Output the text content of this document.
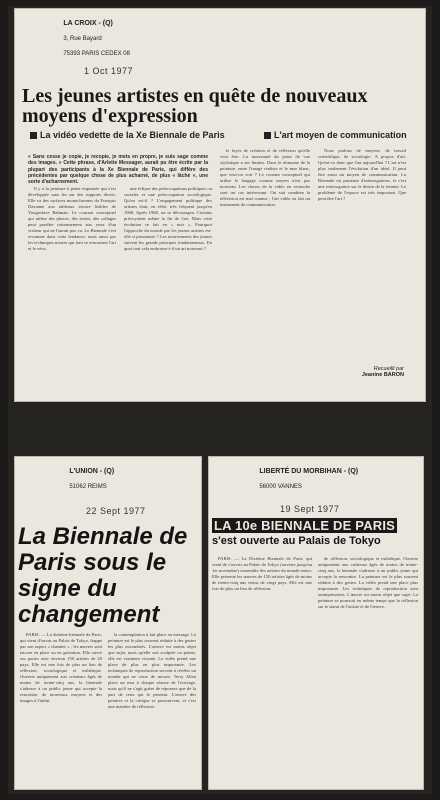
LA CROIX - (Q)

3, Rue Bayard

75393 PARIS CEDEX 08

1 Oct 1977
Les jeunes artistes en quête de nouveaux moyens d'expression
La vidéo vedette de la Xe Biennale de Paris	L'art moyen de communication
« Sans cesse je copie, je recopie, je mets en propre, je suis sage comme des images. » Cette phrase, d'Arlette Messager, aurait pu être écrite par la plupart des participants à la Xe Biennale de Paris, qui diffère des précédentes par quelque chose de plus acharné, de plus « lâché », une sorte d'acharnement.

Il y a la peinture à peine esquissée qui s'est développée sans fin sur des supports divers. Elle va des surfaces monochromes du Français Davanne aux tableaux encore lisibles de Yougoslave Bahman. Le courant conceptuel qui utilise des photos, des textes, des collages peut paraître raisonnement aux yeux d'un visiteur qui ne l'aurait pas vu. Le Biennale s'est reconnue dans cette tendance, mais aussi par les techniques mixtes qui font se rencontrer l'art et le vécu.

une éclipse des préoccupations politiques ou sociales et une préoccupation sociologique. Qu'en est-il ? L'engagement politique des artistes était, en effet, très fréquent jusqu'en 1968. Après 1968, on se découragea. Certains prévoyaient même la fin de l'art. Mais cette évolution se fait en « noir ». Pourquoi l'approche du monde par les jeunes artistes est-elle si pessimiste ? Les mouvements des jeunes suivent les grands principes fondamentaux. En quoi tout cela embrasse-t-il un art nouveau ?

le foyer de création et de réflexion qu'elle veut être. La nouveauté du point de vue stylistique a ses limites. Dans le domaine de la peinture, entre l'image réaliste et le mur blanc, que veut-on voir ? Le courant conceptuel qui utilise le langage comme moyen n'est pas nouveau. Les choses de la vidéo en revanche sont un cas intéressant. On sait combien la télévision est mal connue ; l'art vidéo en fait un instrument de communication.

Nous parlons de moyens, de travail scientifique, de sociologie. A propos d'art. Qu'est-ce donc que l'art aujourd'hui ? L'art n'est plus seulement l'évolution d'un idéal. Il peut être aussi un moyen de communication. La Biennale est porteuse d'interrogations, et c'est une interrogation sur le destin de la femme. Le problème de l'espace est très important. Que peut être l'art ?

Recueilli par
Jeanine BARON

L'UNION - (Q)

51062 REIMS

22 Sept 1977
La Biennale de Paris sous le signe du changement

PARIS. — La dixième biennale de Paris, qui vient d'ouvrir au Palais de Tokyo, frappe par son aspect « chantier » ; les œuvres sont encore en place ou en gestation. Elle ouvre ses portes avec environ 150 artistes de 20 pays. Elle est une fois de plus un lieu de réflexion, sociologique et esthétique. Ouverte uniquement aux créateurs âgés de moins de trente-cinq ans, la biennale s'adresse à un public jeune qui accepte la rencontre, de nouveaux moyens et des images à l'infini.

la contemplation à fait place au message. La peinture est le plus souvent réduite à des gestes les plus encombrés. L'œuvre est moins objet que sujet, mais qu'elle soit sculptée ou peinte, elle est vraiment vivante. La vidéo prend une place de plus en plus importante. Les techniques de reproduction servent à révéler un monde qui ne cesse de mourir. Terry Allen place un mot à chaque séance de l'ouvrage, mais qu'il ne s'agit guère de réponses que de la part de ceux qui le pensent. L'œuvre des peintres et la critique se poursuivent, et c'est une manière de réflexion.

LIBERTÉ DU MORBIHAN - (Q)

56000 VANNES

19 Sept 1977
LA 10e BIENNALE DE PARIS
s'est ouverte au Palais de Tokyo

PARIS. — La Dixième Biennale de Paris, qui vient de s'ouvrir au Palais de Tokyo (ouverte jusqu'au 1er novembre) rassemble des artistes du monde entier. Elle présente les œuvres de 150 artistes âgés de moins de trente-cinq ans venus de vingt pays. Elle est une fois de plus un lieu de réflexion.

de réflexion, sociologique et esthétique. Ouverte uniquement aux créateurs âgés de moins de trente-cinq ans, la biennale s'adresse à un public jeune qui accepte la rencontre. La peinture est le plus souvent réduite à des gestes. La vidéo prend une place plus importante. Les techniques de reproduction sont omniprésentes. L'œuvre est moins objet que sujet. La peinture se poursuit en même temps que la réflexion sur le statut de l'artiste et de l'œuvre.
